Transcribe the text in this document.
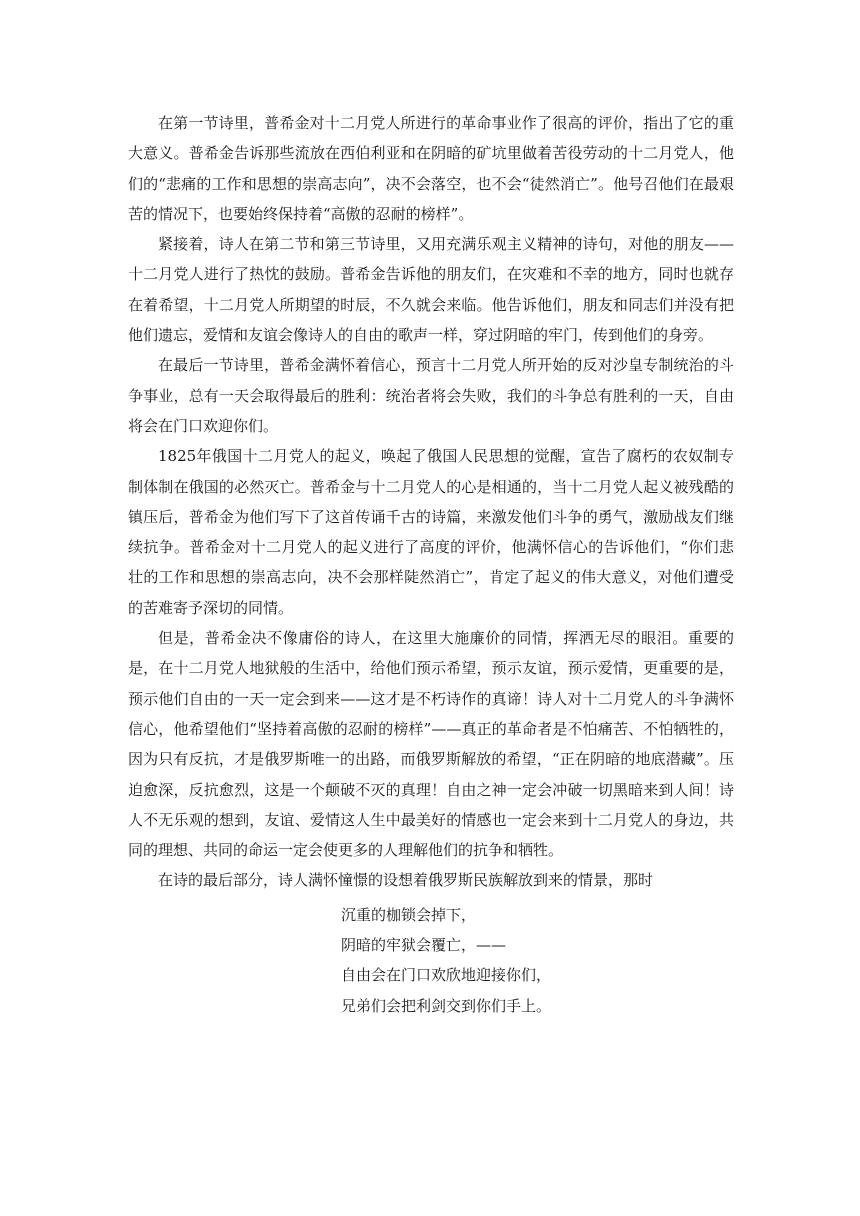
在第一节诗里，普希金对十二月党人所进行的革命事业作了很高的评价，指出了它的重大意义。普希金告诉那些流放在西伯利亚和在阴暗的矿坑里做着苦役劳动的十二月党人，他们的“悲痛的工作和思想的崇高志向”，决不会落空，也不会“徒然消亡”。他号召他们在最艰苦的情况下，也要始终保持着“高傲的忍耐的榜样”。

紧接着，诗人在第二节和第三节诗里，又用充满乐观主义精神的诗句，对他的朋友——十二月党人进行了热忱的鼓励。普希金告诉他的朋友们，在灾难和不幸的地方，同时也就存在着希望，十二月党人所期望的时辰，不久就会来临。他告诉他们，朋友和同志们并没有把他们遗忘，爱情和友谊会像诗人的自由的歌声一样，穿过阴暗的牢门，传到他们的身旁。

在最后一节诗里，普希金满怀着信心，预言十二月党人所开始的反对沙皇专制统治的斗争事业，总有一天会取得最后的胜利：统治者将会失败，我们的斗争总有胜利的一天，自由将会在门口欢迎你们。

1825年俄国十二月党人的起义，唤起了俄国人民思想的觉醒，宣告了腐朽的农奴制专制体制在俄国的必然灭亡。普希金与十二月党人的心是相通的，当十二月党人起义被残酷的镇压后，普希金为他们写下了这首传诵千古的诗篇，来激发他们斗争的勇气，激励战友们继续抗争。普希金对十二月党人的起义进行了高度的评价，他满怀信心的告诉他们，“你们悲壮的工作和思想的崇高志向，决不会那样陡然消亡”，肯定了起义的伟大意义，对他们遭受的苦难寄予深切的同情。

但是，普希金决不像庸俗的诗人，在这里大施廉价的同情，挥洒无尽的眼泪。重要的是，在十二月党人地狱般的生活中，给他们预示希望，预示友谊，预示爱情，更重要的是，预示他们自由的一天一定会到来——这才是不朽诗作的真谛！诗人对十二月党人的斗争满怀信心，他希望他们“坚持着高傲的忍耐的榜样”——真正的革命者是不怕痛苦、不怕牺牲的，因为只有反抗，才是俄罗斯唯一的出路，而俄罗斯解放的希望，“正在阴暗的地底潜藏”。压迫愈深，反抗愈烈，这是一个颠破不灭的真理！自由之神一定会冲破一切黑暗来到人间！诗人不无乐观的想到，友谊、爱情这人生中最美好的情感也一定会来到十二月党人的身边，共同的理想、共同的命运一定会使更多的人理解他们的抗争和牺牲。

在诗的最后部分，诗人满怀憧憬的设想着俄罗斯民族解放到来的情景，那时

沉重的枷锁会掉下，
阴暗的牢狱会覆亡，——
自由会在门口欢欣地迎接你们，
兄弟们会把利剑交到你们手上。
